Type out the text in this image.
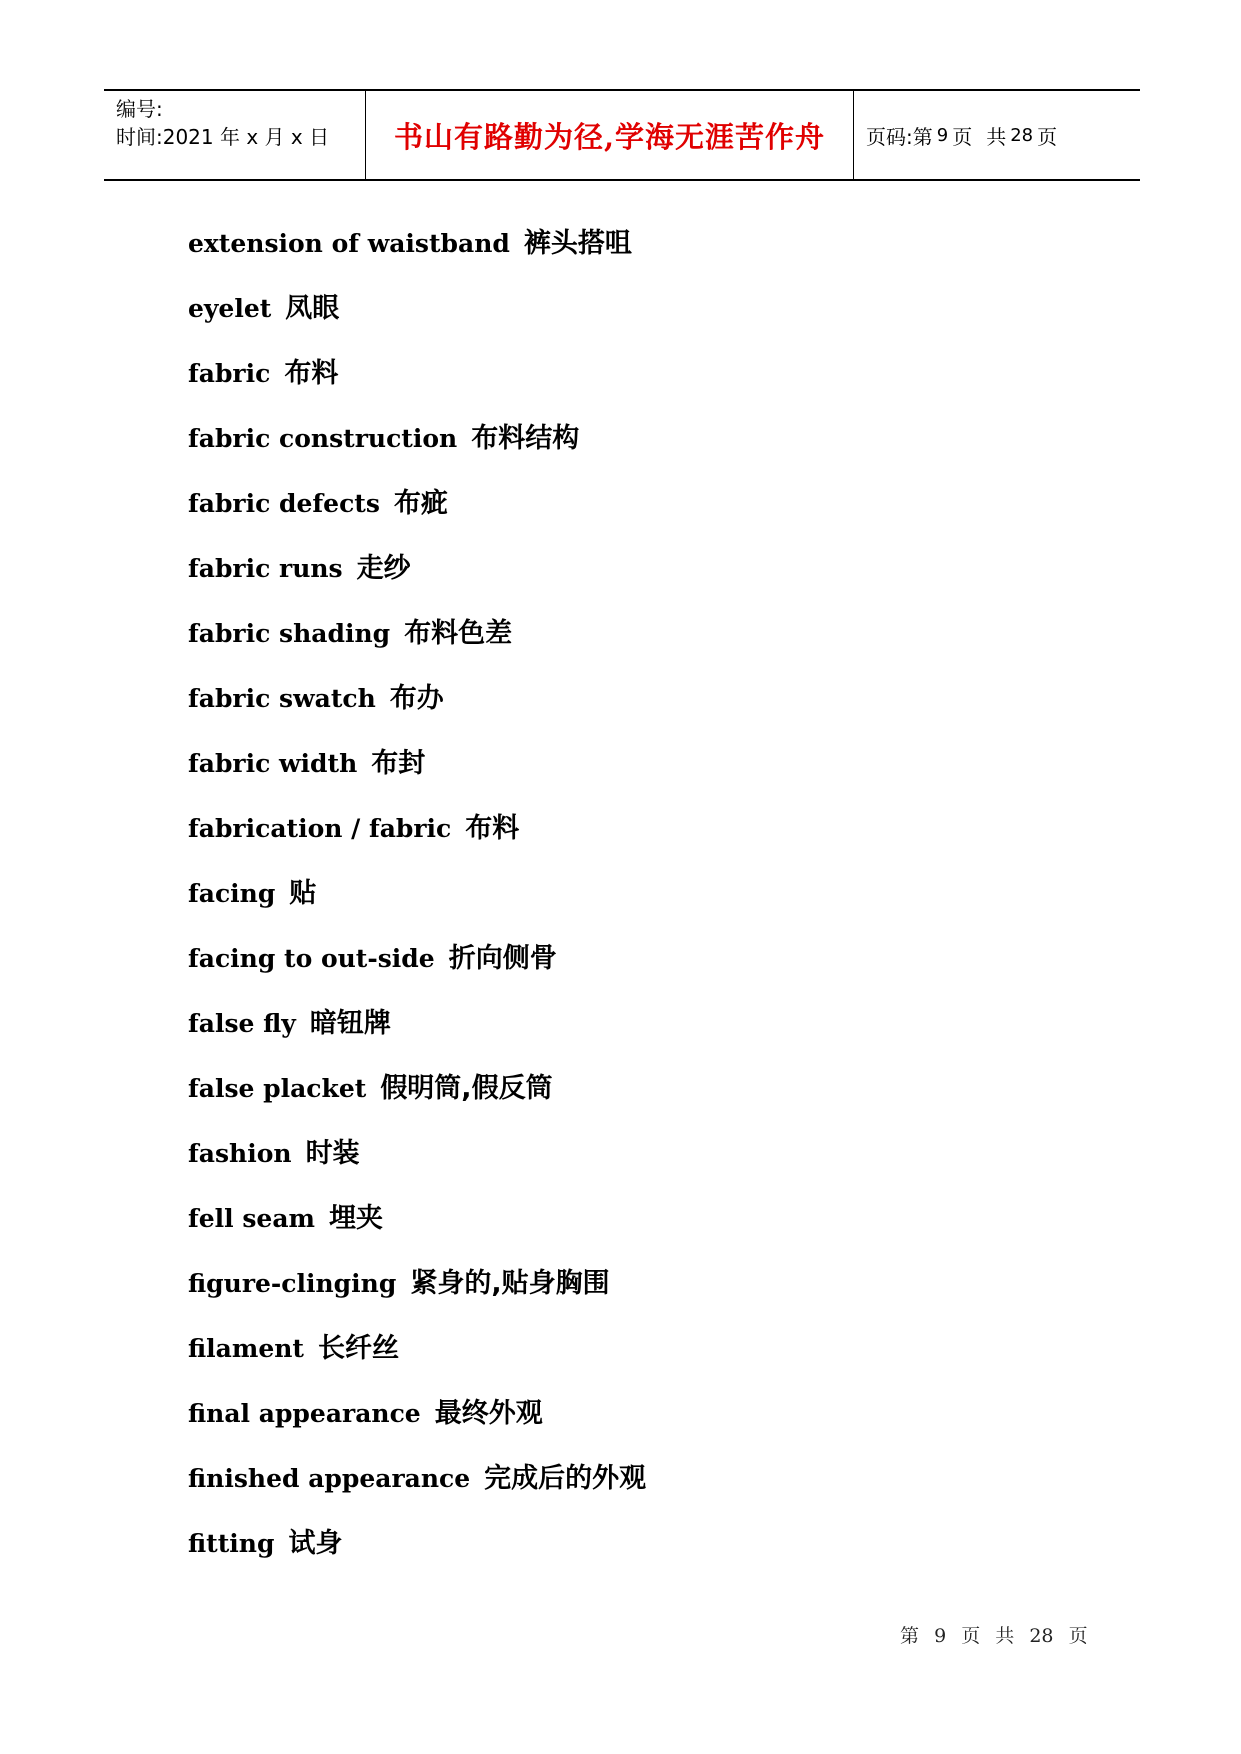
编号:
时间:2021 年 x 月 x 日	书山有路勤为径,学海无涯苦作舟 页码:第 9 页 共 28 页
extension of waistband 裤头搭咀
eyelet 凤眼
fabric 布料
fabric construction 布料结构
fabric defects 布疵
fabric runs 走纱
fabric shading 布料色差
fabric swatch 布办
fabric width 布封
fabrication / fabric 布料
facing 贴
facing to out-side 折向侧骨
false fly 暗钮牌
false placket 假明筒,假反筒
fashion 时装
fell seam 埋夹
figure-clinging 紧身的,贴身胸围
filament 长纤丝
final appearance 最终外观
finished appearance 完成后的外观
fitting 试身
第 9 页 共 28 页
